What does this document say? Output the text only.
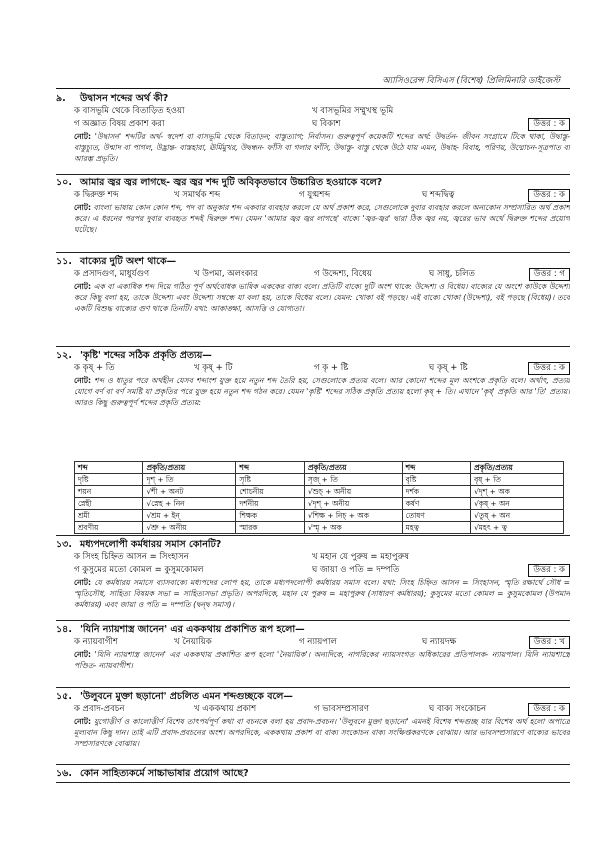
অ্যাসিওরেন্স বিসিএস (বিশেষ) প্রিলিমিনারি ডাইজেস্ট
৯. উদ্বাসন শব্দের অর্থ কী?
ক বাসভূমি থেকে বিতাড়িত হওয়া	খ বাসভূমির সম্মুখস্থ ভূমি
গ অজ্ঞাত বিষয় প্রকাশ করা	ঘ বিকাশ	উত্তর : ক
নোট: 'উদ্বাসন' শব্দটির অর্থ- স্বদেশ বা বাসভূমি থেকে বিতাড়ন; বাস্তুত্যাগ; নির্বাসন। গুরুত্বপূর্ণ কয়েকটি শব্দের অর্থ: উদ্বর্তন- জীবন সংগ্রামে টিকে থাকা, উদ্বাস্তু- বাস্তুচ্যুত, উন্মাদ বা পাগল, উদ্ভ্রান্ত- বাস্তহারা, ঊর্মিমুখর, উদ্বন্ধন- ফাঁসি বা গলার ফাঁসি, উদ্বাস্তু- বাস্তু থেকে উঠে যায় এমন, উদ্বাহ- বিবাহ, পরিণয়, উদ্মোচন-সূত্রপাত বা আরম্ভ প্রভৃতি।
১০. আমার জ্বর জ্বর লাগছে- জ্বর জ্বর শব্দ দুটি অবিকৃতভাবে উচ্চারিত হওয়াকে বলে?
ক দ্বিরুক্ত শব্দ	খ সমার্থক শব্দ	গ যুগ্মশব্দ	ঘ শব্দদ্বিত্ব	উত্তর : ক
নোট: বাংলা ভাষায় কোন কোন শব্দ, পদ বা অনুকার শব্দ একবার ব্যবহার করলে যে অর্থ প্রকাশ করে, সেগুলোকে দুবার ব্যবহার করলে অন্যকোন সম্প্রসারিত অর্থ প্রকাশ করে। এ ধরনের পরপর দুবার ব্যবহৃত শব্দই দ্বিরুক্ত শব্দ। যেমন 'আমার জ্বর জ্বর লাগছে' বাক্যে 'জ্বর-জ্বর' দ্বারা ঠিক জ্বর নয়, জ্বরের ভাব অর্থে দ্বিরুক্ত শব্দের প্রয়োগ ঘটেছে।
১১. বাক্যের দুটি অংশ থাকে—
ক প্রসাদগুণ, মাধুর্যগুণ	খ উপমা, অলংকার	গ উদ্দেশ্য, বিধেয়	ঘ সাধু, চলিত	উত্তর : গ
নোট: এক বা একাধিক শব্দ দিয়ে গঠিত পূর্ণ অর্থবোধক ভাষিক এককের বাক্য বলে। প্রতিটি বাক্যে দুটি অংশ থাকে: উদ্দেশ্য ও বিধেয়। বাক্যের যে অংশে কাউকে উদ্দেশ্য করে কিছু বলা হয়, তাকে উদ্দেশ্য এবং উদ্দেশ্য সম্বন্ধে যা বলা হয়, তাকে বিধেয় বলে। যেমন: খোকা বই পড়ছে। এই বাক্যে খোকা (উদ্দেশ্য), বই পড়ছে (বিধেয়)। তবে একটি বিশুদ্ধ বাক্যের গুণ থাকে তিনটি। যথা: আকাঙ্ক্ষা, আসত্তি ও যোগ্যতা।
১২. 'কৃষ্টি' শব্দের সঠিক প্রকৃতি প্রত্যয়—
ক কৃষ্ + তি	খ কৃষ্ + টি	গ কৃ + ষ্টি	ঘ কৃষ্ + ষ্টি	উত্তর : ক
নোট: শব্দ ও ধাতুর পরে অর্থহীন যেসব শব্দাংশ যুক্ত হয়ে নতুন শব্দ তৈরি হয়, সেগুলোকে প্রত্যয় বলে। আর কোনো শব্দের মূল অংশকে প্রকৃতি বলে। অর্থাৎ, প্রত্যয় যোগে বর্ণ বা বর্ণ সমষ্টি যা প্রকৃতির পরে যুক্ত হয়ে নতুন শব্দ গঠন করে। যেমন 'কৃষ্টি' শব্দের সঠিক প্রকৃতি প্রত্যয় হলো কৃষ্ + তি। এখানে 'কৃষ্' প্রকৃতি আর 'তি' প্রত্যয়। আরও কিছু গুরুত্বপূর্ণ শব্দের প্রকৃতি প্রত্যয়:
শব্দ	প্রকৃতি/প্রত্যয়	শব্দ	প্রকৃতি/প্রত্যয়	শব্দ	প্রকৃতি/প্রত্যয়
দৃষ্টি	দৃশ্ + তি	সৃষ্টি	সৃজ্ + তি	বৃষ্টি	বৃষ্ + তি
শয়ন	√শী + অনট	শোচনীয়	√শুচ্ + অনীয়	দর্শক	√দৃশ্ + অক
স্নেহী	√স্নেহ + নিন	দর্শনীয়	√দৃশ্ + অনীয়	কর্ষণ	√কৃষ্ + অন
শ্রমী	√শ্রম + ইন্	শিক্ষক	√শিক্ষ + নিচ্ + অক	তোষণ	√তুষ্ + অন
শ্রবণীয়	√শ্রু + অনীয়	স্মারক	√স্মৃ + অক	মহত্ব	√মহৎ + ত্ব
১৩. মধ্যপদলোপী কর্মধারয় সমাস কোনটি?
ক সিংহ চিহ্নিত আসন = সিংহাসন	খ মহান যে পুরুষ = মহাপুরুষ
গ কুসুমের মতো কোমল = কুসুমকোমল	ঘ জায়া ও পতি = দম্পতি	উত্তর : ক
নোট: যে কর্মধারয় সমাসে ব্যাসবাক্যে মধ্যপদের লোপ হয়, তাকে মধ্যপদলোপী কর্মধারয় সমাস বলে। যথা: সিংহ চিহ্নিত আসন = সিংহাসন, স্মৃতি রক্ষার্থে সৌধ = স্মৃতিসৌধ, সাহিত্য বিষয়ক সভা = সাহিত্যসভা প্রভৃতি। অপরদিকে, মহান যে পুরুষ = মহাপুরুষ (সাধারণ কর্মধারয়); কুসুমের মতো কোমল = কুসুমকোমল (উপমান কর্মধারয়) এবং জায়া ও পতি = দম্পতি (দ্বন্দ্ব সমাস)।
১৪. 'যিনি ন্যায়শাস্ত্র জানেন' এর এককথায় প্রকাশিত রূপ হলো—
ক ন্যায়বাগীশ	খ নৈয়ায়িক	গ ন্যায়পাল	ঘ ন্যায়দক্ষ	উত্তর : খ
নোট: 'যিনি ন্যায়শাস্ত্র জানেন' এর এককথায় প্রকাশিত রূপ হলো 'নৈয়ায়িক'। অন্যদিকে, নাগরিকের ন্যায়সংগত অধিকারের প্রতিপালক- ন্যায়পাল। যিনি ন্যায়শাস্ত্রে পণ্ডিত- ন্যায়বাগীশ।
১৫. 'উলুবনে মুক্তা ছড়ানো' প্রচলিত এমন শব্দগুচ্ছকে বলে—
ক প্রবাদ-প্রবচন	খ এককথায় প্রকাশ	গ ভাবসম্প্রসারণ	ঘ বাক্য সংকোচন	উত্তর : ক
নোট: যুগোত্তীর্ণ ও কালোত্তীর্ণ বিশেষ তাৎপর্যপূর্ণ কথা বা বচনকে বলা হয় প্রবাদ-প্রবচন। 'উলুবনে মুক্তা ছড়ানো' এমনই বিশেষ শব্দগুচ্ছ যার বিশেষ অর্থ হলো অপাত্রে মূল্যবান কিছু দান। তাই এটি প্রবাদ-প্রবচনের অংশ। অপরদিকে, এককথায় প্রকাশ বা বাক্য সংকোচন বাক্য সংক্ষিপ্তকরণকে বোঝায়। আর ভাবসম্প্রসারণে বাক্যের ভাবের সম্প্রসারণকে বোঝায়।
১৬. কোন সাহিত্যকর্মে সাচ্চাভাষার প্রয়োগ আছে?
